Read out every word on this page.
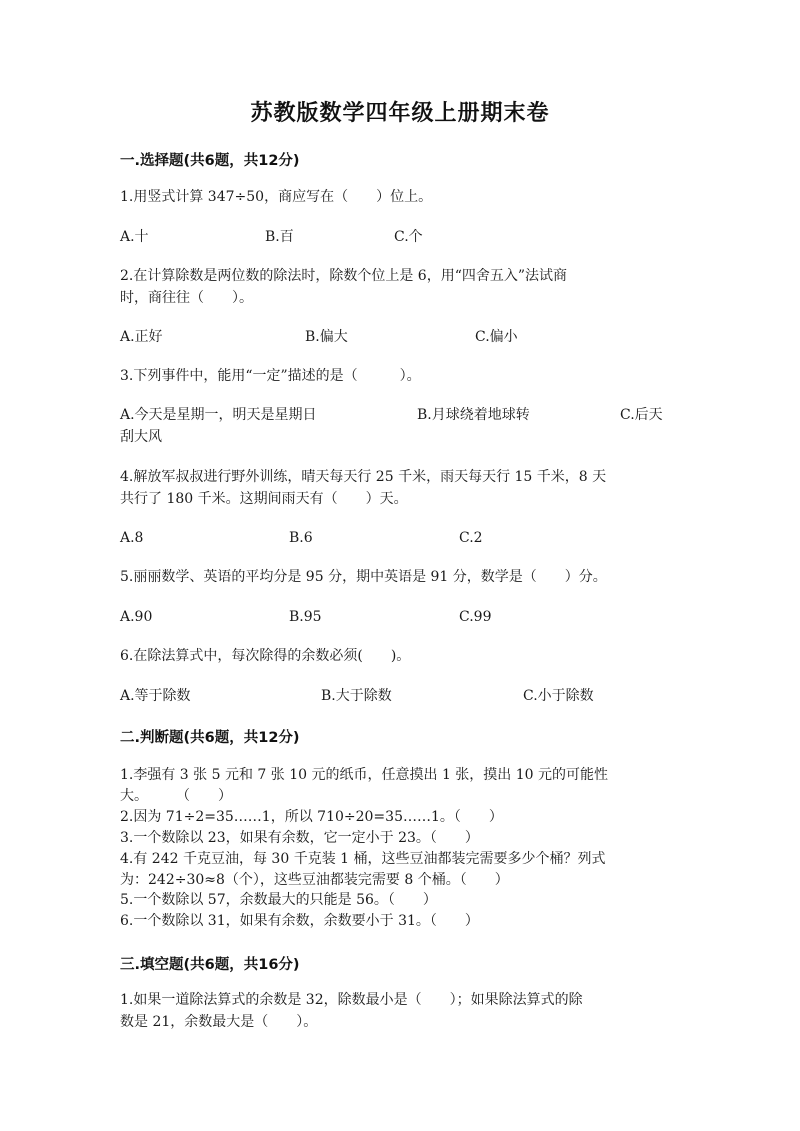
苏教版数学四年级上册期末卷
一.选择题(共6题，共12分)
1.用竖式计算 347÷50，商应写在（　　）位上。
A.十	B.百	C.个
2.在计算除数是两位数的除法时，除数个位上是 6，用“四舍五入”法试商
时，商往往（　　）。
A.正好	B.偏大	C.偏小
3.下列事件中，能用“一定”描述的是（　　　）。
A.今天是星期一，明天是星期日	B.月球绕着地球转	C.后天
刮大风
4.解放军叔叔进行野外训练，晴天每天行 25 千米，雨天每天行 15 千米，8 天
共行了 180 千米。这期间雨天有（　　）天。
A.8	B.6	C.2
5.丽丽数学、英语的平均分是 95 分，期中英语是 91 分，数学是（　　）分。
A.90	B.95	C.99
6.在除法算式中，每次除得的余数必须(　　)。
A.等于除数	B.大于除数	C.小于除数
二.判断题(共6题，共12分)
1.李强有 3 张 5 元和 7 张 10 元的纸币，任意摸出 1 张，摸出 10 元的可能性
大。　　　（　　）
2.因为 71÷2=35……1，所以 710÷20=35……1。（　　）
3.一个数除以 23，如果有余数，它一定小于 23。（　　）
4.有 242 千克豆油，每 30 千克装 1 桶，这些豆油都装完需要多少个桶？列式
为：242÷30≈8（个），这些豆油都装完需要 8 个桶。（　　）
5.一个数除以 57，余数最大的只能是 56。（　　）
6.一个数除以 31，如果有余数，余数要小于 31。（　　）
三.填空题(共6题，共16分)
1.如果一道除法算式的余数是 32，除数最小是（　　）；如果除法算式的除
数是 21，余数最大是（　　）。
